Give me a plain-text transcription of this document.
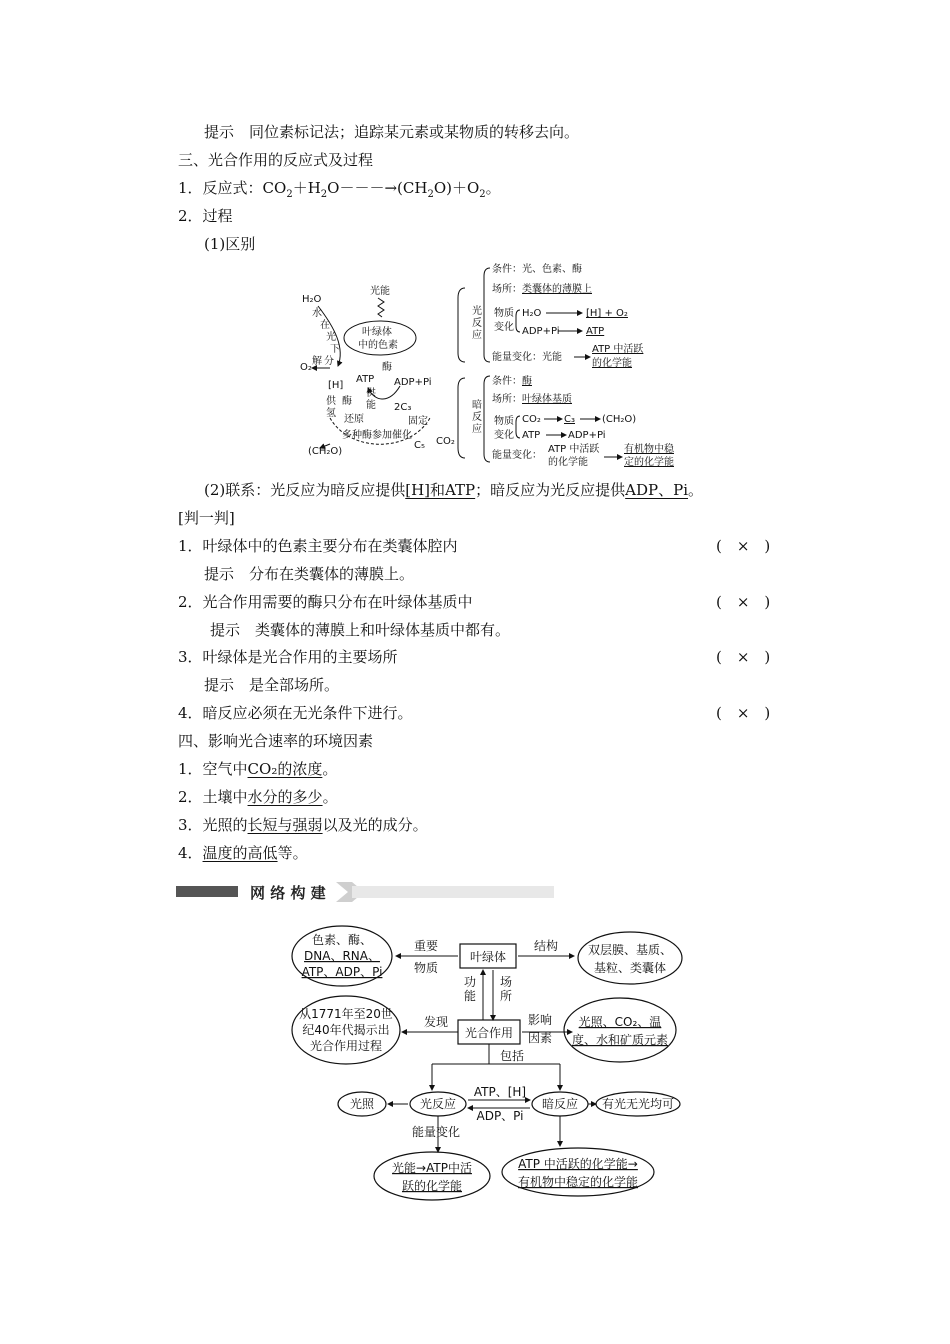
提示　同位素标记法；追踪某元素或某物质的转移去向。
三、光合作用的反应式及过程
1．反应式：$CO_2+H_2O---\to(CH_2O)+O_2$。
2．过程
(1)区别
H₂O
水
在
光
下
分
解
O₂
光能
叶绿体
中的色素
酶
[H]
ATP ADP+Pi
供
能
供
氢
酶
2C₃
还原	固定
多种酶参加催化
C₅ CO₂
(CH₂O)
光
反
应
条件：光、色素、酶
场所：类囊体的薄膜上
物质
变化
H₂O	[H] + O₂
ADP+Pi	ATP
能量变化：光能
ATP 中活跃
的化学能
暗
反
应
条件：酶
场所：叶绿体基质
物质
变化
CO₂ C₃	(CH₂O)
ATP	ADP+Pi
能量变化：
ATP 中活跃
的化学能
有机物中稳
定的化学能
(2)联系：光反应为暗反应提供[H]和ATP；暗反应为光反应提供ADP、Pi。
[判一判]
1．叶绿体中的色素主要分布在类囊体腔内	(　×　)
提示　分布在类囊体的薄膜上。
2．光合作用需要的酶只分布在叶绿体基质中	(　×　)
提示　类囊体的薄膜上和叶绿体基质中都有。
3．叶绿体是光合作用的主要场所	(　×　)
提示　是全部场所。
4．暗反应必须在无光条件下进行。	(　×　)
四、影响光合速率的环境因素
1．空气中CO₂的浓度。
2．土壤中水分的多少。
3．光照的长短与强弱以及光的成分。
4．温度的高低等。
网 络 构 建
色素、酶、
DNA、RNA、
ATP、ADP、Pi
重要
物质
叶绿体
结构 双层膜、基质、
基粒、类囊体
功
能
场
所
从1771年至20世
纪40年代揭示出
光合作用过程
发现
光合作用
影响
因素
光照、CO₂、温
度、水和矿质元素
包括
光照	光反应
ATP、[H]
ADP、Pi
暗反应 有光无光均可
能量变化
光能→ATP中活
跃的化学能
ATP 中活跃的化学能→
有机物中稳定的化学能
